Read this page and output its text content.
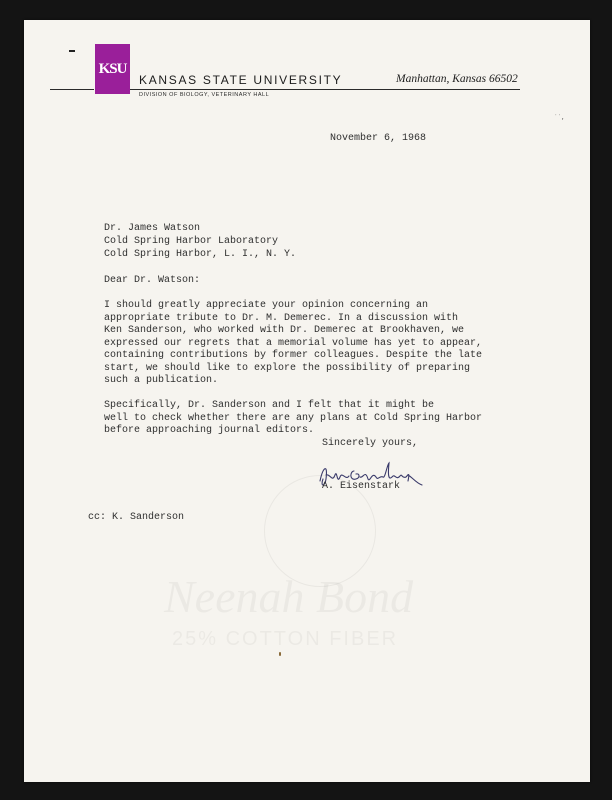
KSU
KANSAS STATE UNIVERSITY	Manhattan, Kansas 66502
DIVISION OF BIOLOGY, VETERINARY HALL
˙˙,

November 6, 1968

Dr. James Watson

Cold Spring Harbor Laboratory

Cold Spring Harbor, L. I., N. Y.

Dear Dr. Watson:

I should greatly appreciate your opinion concerning an

appropriate tribute to Dr. M. Demerec. In a discussion with

Ken Sanderson, who worked with Dr. Demerec at Brookhaven, we

expressed our regrets that a memorial volume has yet to appear,

containing contributions by former colleagues. Despite the late

start, we should like to explore the possibility of preparing

such a publication.

Specifically, Dr. Sanderson and I felt that it might be

well to check whether there are any plans at Cold Spring Harbor

before approaching journal editors.

Sincerely yours,

A. Eisenstark

cc: K. Sanderson
